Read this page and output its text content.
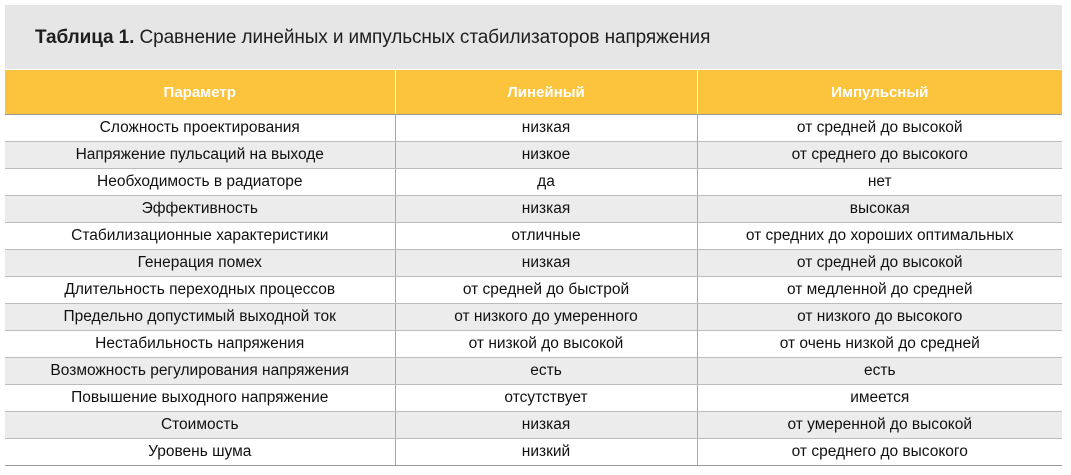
Таблица 1. Сравнение линейных и импульсных стабилизаторов напряжения
Параметр	Линейный	Импульсный
Сложность проектирования	низкая	от средней до высокой
Напряжение пульсаций на выходе	низкое	от среднего до высокого
Необходимость в радиаторе	да	нет
Эффективность	низкая	высокая
Стабилизационные характеристики	отличные	от средних до хороших оптимальных
Генерация помех	низкая	от средней до высокой
Длительность переходных процессов	от средней до быстрой	от медленной до средней
Предельно допустимый выходной ток	от низкого до умеренного	от низкого до высокого
Нестабильность напряжения	от низкой до высокой	от очень низкой до средней
Возможность регулирования напряжения	есть	есть
Повышение выходного напряжение	отсутствует	имеется
Стоимость	низкая	от умеренной до высокой
Уровень шума	низкий	от среднего до высокого
